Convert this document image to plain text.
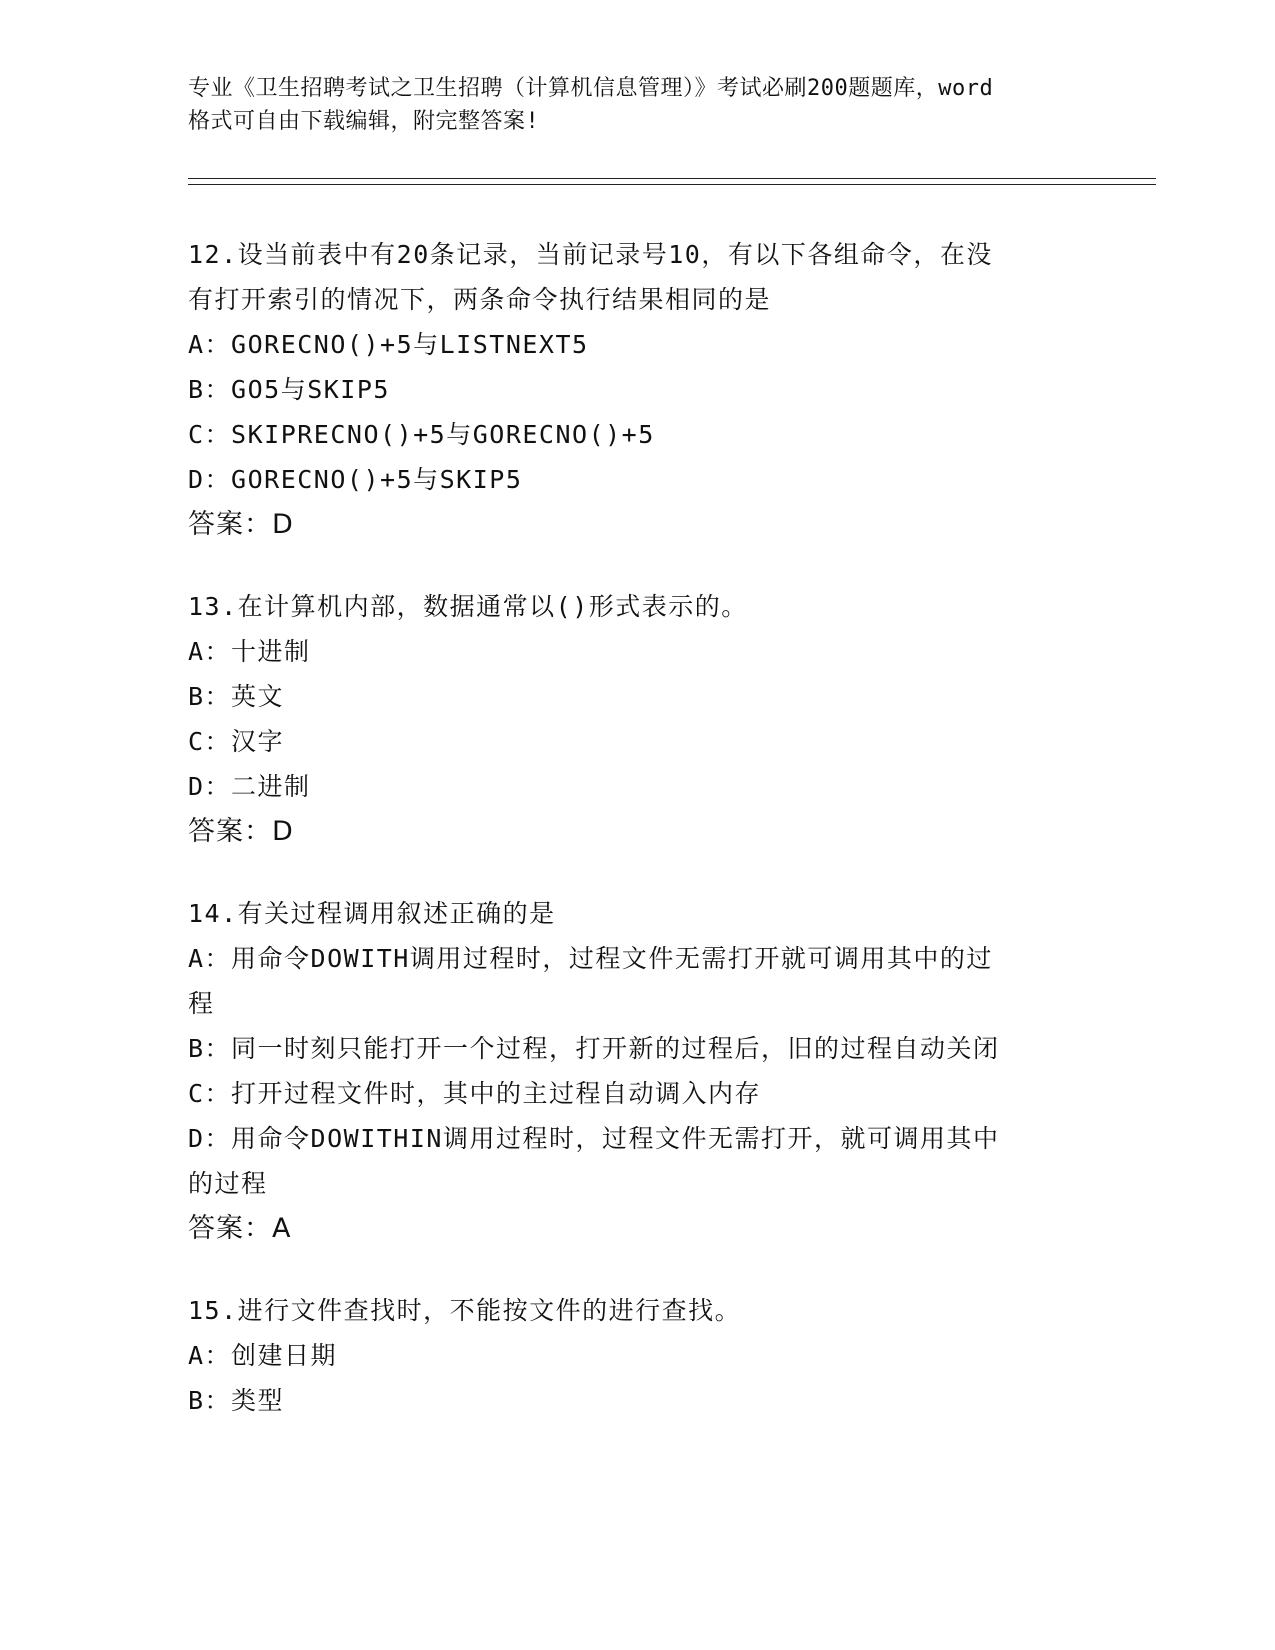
专业《卫生招聘考试之卫生招聘（计算机信息管理）》考试必刷200题题库，word
格式可自由下载编辑，附完整答案!
12.设当前表中有20条记录，当前记录号10，有以下各组命令，在没
有打开索引的情况下，两条命令执行结果相同的是
A：GORECNO()+5与LISTNEXT5
B：GO5与SKIP5
C：SKIPRECNO()+5与GORECNO()+5
D：GORECNO()+5与SKIP5
答案：D
13.在计算机内部，数据通常以()形式表示的。
A：十进制
B：英文
C：汉字
D：二进制
答案：D
14.有关过程调用叙述正确的是
A：用命令DOWITH调用过程时，过程文件无需打开就可调用其中的过
程
B：同一时刻只能打开一个过程，打开新的过程后，旧的过程自动关闭
C：打开过程文件时，其中的主过程自动调入内存
D：用命令DOWITHIN调用过程时，过程文件无需打开，就可调用其中
的过程
答案：A
15.进行文件查找时，不能按文件的进行查找。
A：创建日期
B：类型
